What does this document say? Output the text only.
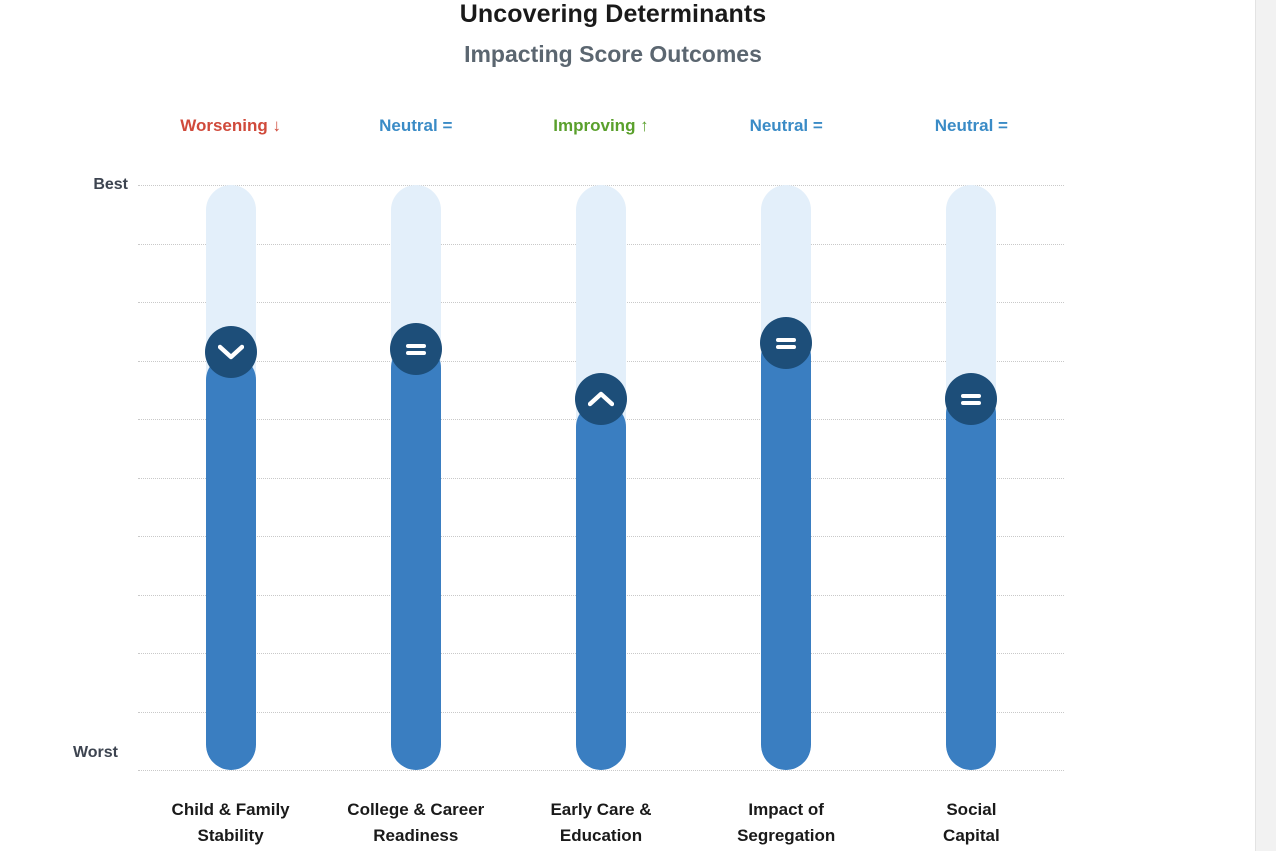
Uncovering Determinants
Impacting Score Outcomes
Best
Worst
Worsening ↓	Neutral =	Improving ↑	Neutral =	Neutral =
Child & Family
Stability
College & Career
Readiness
Early Care &
Education
Impact of
Segregation
Social
Capital
